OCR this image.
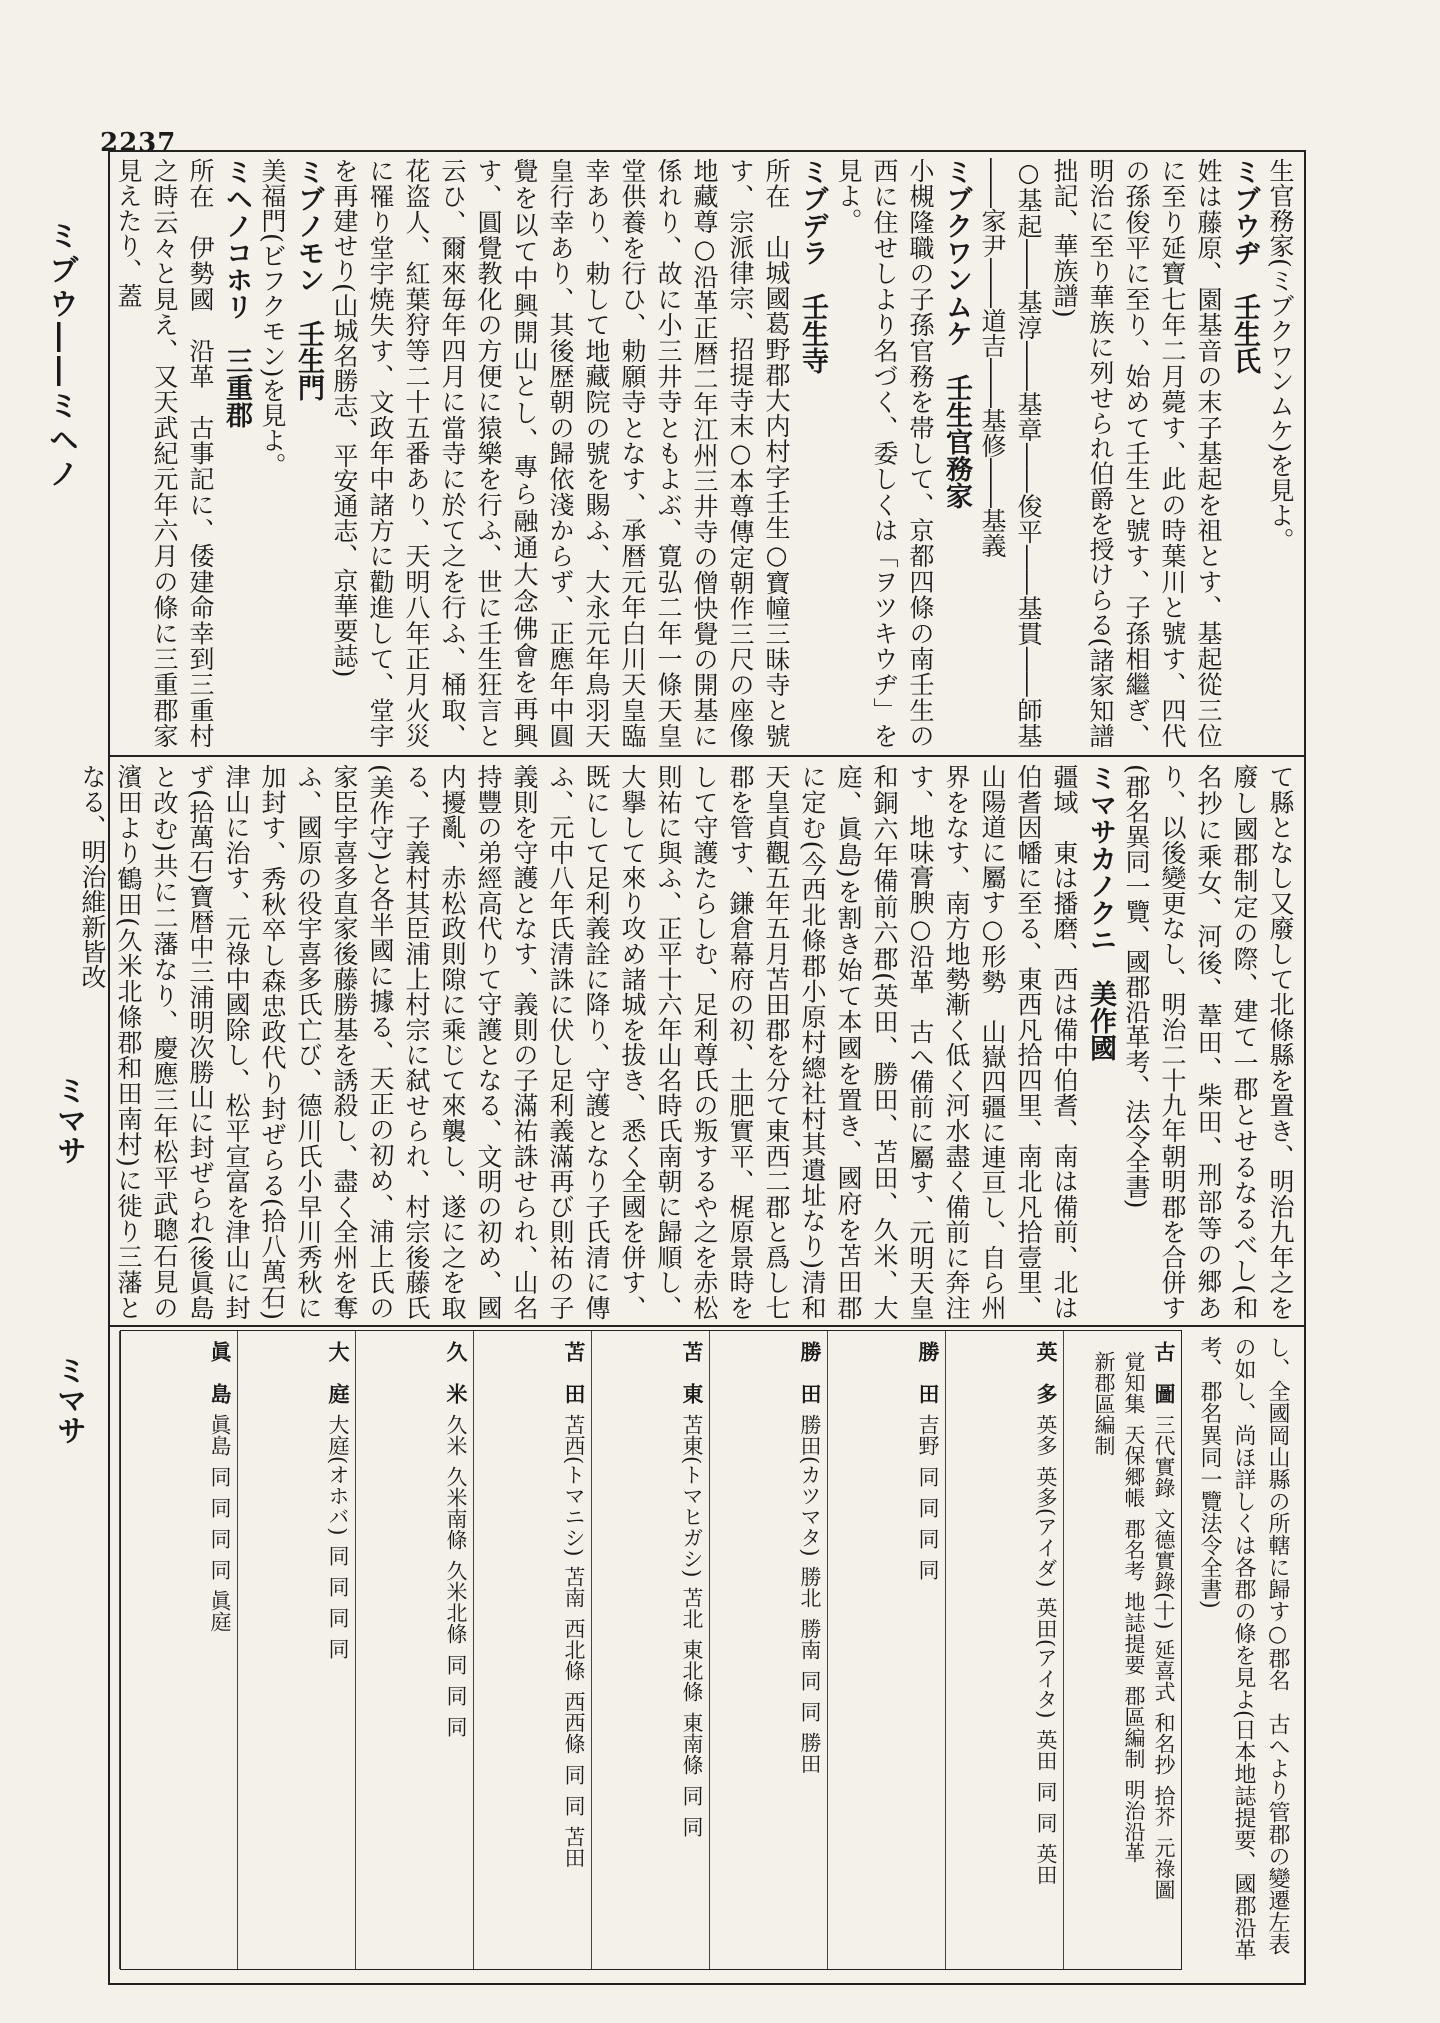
2237
ミブウ――ミヘノ
ミマサ
ミマサ

生官務家(ミブクワンムケ)を見よ。

ミブウヂ　壬生氏

姓は藤原、園基音の末子基起を祖とす、基起從三位に至り延寶七年二月薨す、此の時葉川と號す、四代の孫俊平に至り、始めて壬生と號す、子孫相繼ぎ、明治に至り華族に列せられ伯爵を授けらる(諸家知譜拙記、華族譜)

○基起――基淳――基章――俊平――基貫――師基――家尹――道吉――基修――基義

ミブクワンムケ　壬生官務家

小槻隆職の子孫官務を帯して、京都四條の南壬生の西に住せしより名づく、委しくは「ヲツキウヂ」を見よ。

ミブデラ　壬生寺

所在　山城國葛野郡大内村字壬生○寶幢三昧寺と號す、宗派律宗、招提寺末○本尊傳定朝作三尺の座像地藏尊○沿革正暦二年江州三井寺の僧快覺の開基に係れり、故に小三井寺ともよぶ、寛弘二年一條天皇堂供養を行ひ、勅願寺となす、承暦元年白川天皇臨幸あり、勅して地藏院の號を賜ふ、大永元年鳥羽天皇行幸あり、其後歴朝の歸依淺からず、正應年中圓覺を以て中興開山とし、專ら融通大念佛會を再興す、圓覺教化の方便に猿樂を行ふ、世に壬生狂言と云ひ、爾來毎年四月に當寺に於て之を行ふ、桶取、花盗人、紅葉狩等二十五番あり、天明八年正月火災に罹り堂宇焼失す、文政年中諸方に勸進して、堂宇を再建せり(山城名勝志、平安通志、京華要誌)

ミブノモン　壬生門

美福門(ビフクモン)を見よ。

ミヘノコホリ　三重郡

所在　伊勢國　沿革　古事記に、倭建命幸到三重村之時云々と見え、又天武紀元年六月の條に三重郡家見えたり、蓋

て縣となし又廢して北條縣を置き、明治九年之を廢し國郡制定の際、建て一郡とせるなるべし(和名抄に乘女、河後、葦田、柴田、刑部等の郷あり、以後變更なし、明治二十九年朝明郡を合併す(郡名異同一覽、國郡沿革考、法令全書)

ミマサカノクニ　美作國

疆域　東は播磨、西は備中伯耆、南は備前、北は伯耆因幡に至る、東西凡拾四里、南北凡拾壹里、山陽道に屬す○形勢　山嶽四疆に連亘し、自ら州界をなす、南方地勢漸く低く河水盡く備前に奔注す、地味膏腴○沿革　古へ備前に屬す、元明天皇和銅六年備前六郡(英田、勝田、苫田、久米、大庭、眞島)を割き始て本國を置き、國府を苫田郡に定む(今西北條郡小原村總社村其遺址なり)清和天皇貞觀五年五月苫田郡を分て東西二郡と爲し七郡を管す、鎌倉幕府の初、土肥實平、梶原景時をして守護たらしむ、足利尊氏の叛するや之を赤松則祐に與ふ、正平十六年山名時氏南朝に歸順し、大擧して來り攻め諸城を拔き、悉く全國を併す、既にして足利義詮に降り、守護となり子氏清に傳ふ、元中八年氏清誅に伏し足利義滿再び則祐の子義則を守護となす、義則の子滿祐誅せられ、山名持豐の弟經高代りて守護となる、文明の初め、國内擾亂、赤松政則隙に乘じて來襲し、遂に之を取る、子義村其臣浦上村宗に弑せられ、村宗後藤氏(美作守)と各半國に據る、天正の初め、浦上氏の家臣宇喜多直家後藤勝基を誘殺し、盡く全州を奪ふ、國原の役宇喜多氏亡び、德川氏小早川秀秋に加封す、秀秋卒し森忠政代り封ぜらる(拾八萬石)津山に治す、元祿中國除し、松平宣富を津山に封ず(拾萬石)寶暦中三浦明次勝山に封ぜられ(後眞島と改む)共に二藩なり、慶應三年松平武聰石見の濱田より鶴田(久米北條郡和田南村)に徙り三藩となる、明治維新皆改

古　圖三代實錄文德實錄(十)延喜式和名抄拾芥元祿圖覚知集天保郷帳郡名考地誌提要郡區編制明治沿革新郡區編制
英　多英多英多(アイダ)英田(アイタ)英田同同英田
勝　田吉野同同同同
勝　田勝田(カツマタ)勝北勝南同同勝田
苫　東苫東(トマヒガシ)苫北東北條東南條同同
苫　田苫西(トマニシ)苫南西北條西西條同同苫田
久　米久米久米南條久米北條同同同
大　庭大庭(オホバ)同同同同
眞　島眞島同同同同眞庭	し、全國岡山縣の所轄に歸す○郡名　古へより管郡の變遷左表の如し、尚ほ詳しくは各郡の條を見よ(日本地誌提要、國郡沿革考、郡名異同一覽法令全書)
